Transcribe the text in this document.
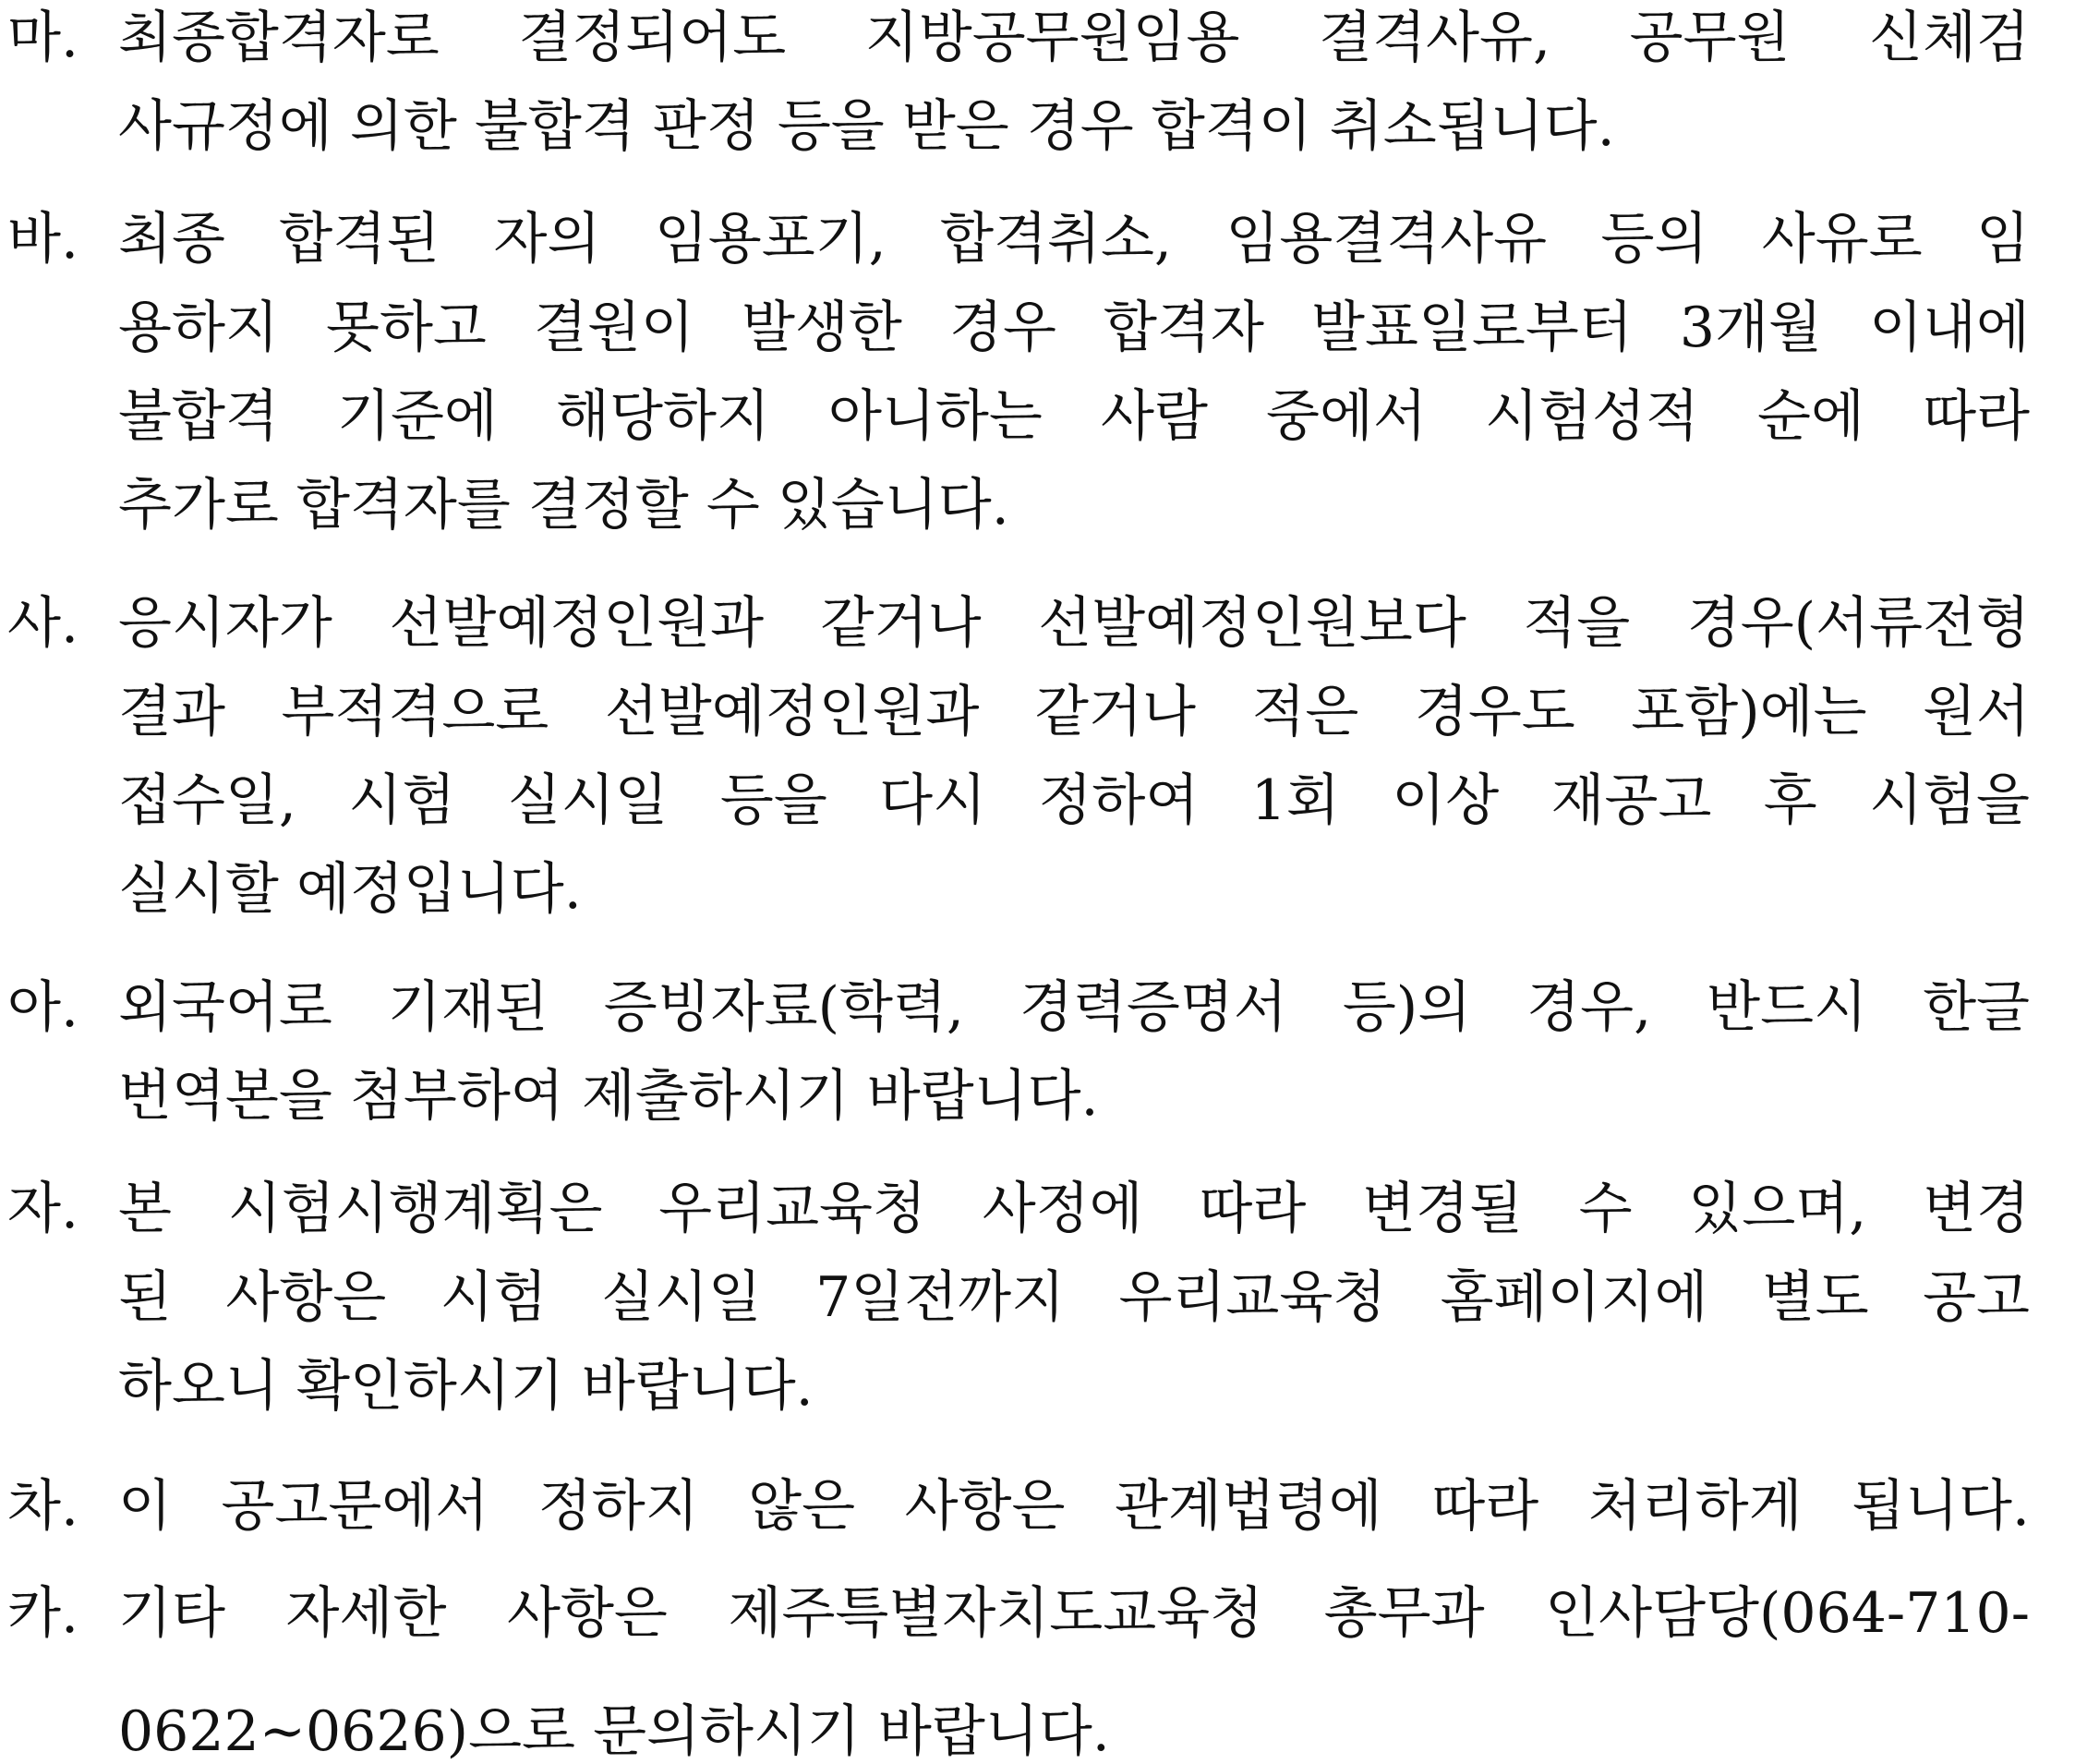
마. 최종합격자로 결정되어도 지방공무원임용 결격사유, 공무원 신체검
사규정에 의한 불합격 판정 등을 받은 경우 합격이 취소됩니다.
바. 최종 합격된 자의 임용포기, 합격취소, 임용결격사유 등의 사유로 임
용하지 못하고 결원이 발생한 경우 합격자 발표일로부터 3개월 이내에
불합격 기준에 해당하지 아니하는 사람 중에서 시험성적 순에 따라
추가로 합격자를 결정할 수 있습니다.
사. 응시자가 선발예정인원과 같거나 선발예정인원보다 적을 경우(서류전형
결과 부적격으로 선발예정인원과 같거나 적은 경우도 포함)에는 원서
접수일, 시험 실시일 등을 다시 정하여 1회 이상 재공고 후 시험을
실시할 예정입니다.
아. 외국어로 기재된 증빙자료(학력, 경력증명서 등)의 경우, 반드시 한글
번역본을 첨부하여 제출하시기 바랍니다.
자. 본 시험시행계획은 우리교육청 사정에 따라 변경될 수 있으며, 변경
된 사항은 시험 실시일 7일전까지 우리교육청 홈페이지에 별도 공고
하오니 확인하시기 바랍니다.
차. 이 공고문에서 정하지 않은 사항은 관계법령에 따라 처리하게 됩니다.
카. 기타 자세한 사항은 제주특별자치도교육청 총무과 인사담당(064-710-
0622~0626)으로 문의하시기 바랍니다.
